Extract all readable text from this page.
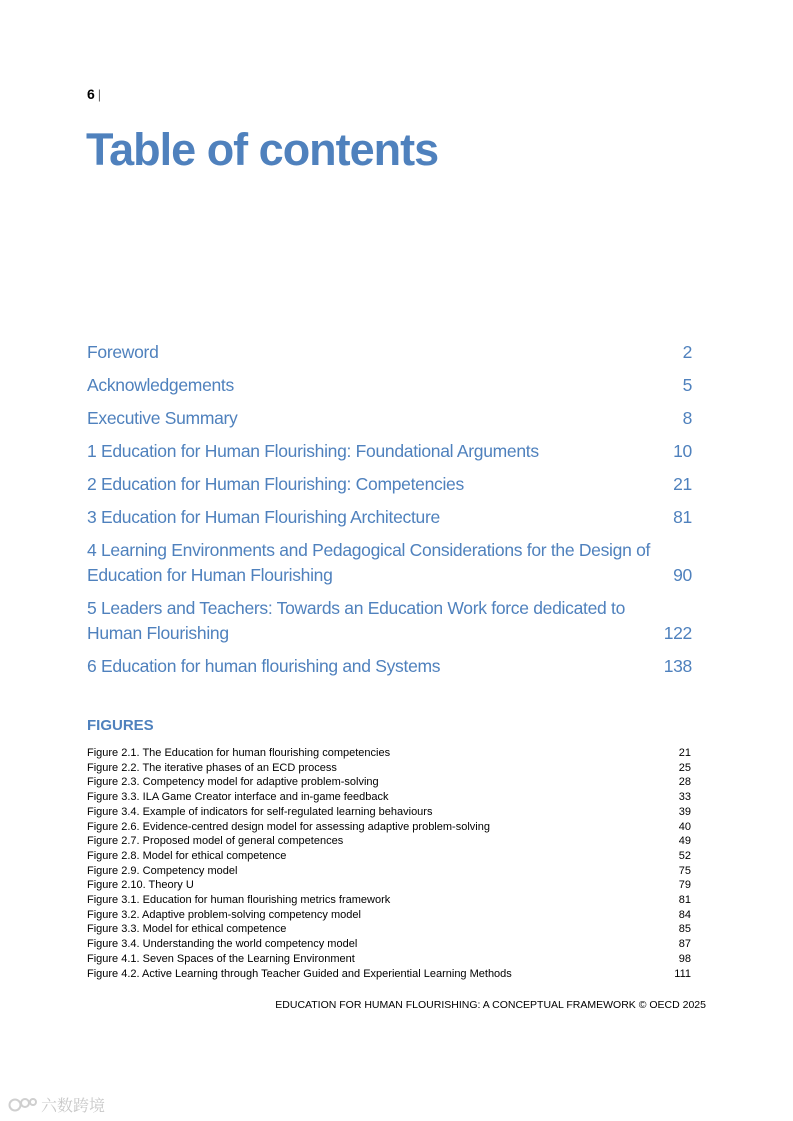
6 |
Table of contents
Foreword	2
Acknowledgements	5
Executive Summary	8
1 Education for Human Flourishing: Foundational Arguments	10
2 Education for Human Flourishing: Competencies	21
3 Education for Human Flourishing Architecture	81
4 Learning Environments and Pedagogical Considerations for the Design of Education for Human Flourishing	90
5 Leaders and Teachers: Towards an Education Work force dedicated to Human Flourishing	122
6 Education for human flourishing and Systems	138
FIGURES
Figure 2.1. The Education for human flourishing competencies	21
Figure 2.2. The iterative phases of an ECD process	25
Figure 2.3. Competency model for adaptive problem-solving	28
Figure 3.3. ILA Game Creator interface and in-game feedback	33
Figure 3.4. Example of indicators for self-regulated learning behaviours	39
Figure 2.6. Evidence-centred design model for assessing adaptive problem-solving	40
Figure 2.7. Proposed model of general competences	49
Figure 2.8. Model for ethical competence	52
Figure 2.9. Competency model	75
Figure 2.10. Theory U	79
Figure 3.1. Education for human flourishing metrics framework	81
Figure 3.2. Adaptive problem-solving competency model	84
Figure 3.3. Model for ethical competence	85
Figure 3.4. Understanding the world competency model	87
Figure 4.1. Seven Spaces of the Learning Environment	98
Figure 4.2. Active Learning through Teacher Guided and Experiential Learning Methods	111
EDUCATION FOR HUMAN FLOURISHING: A CONCEPTUAL FRAMEWORK © OECD 2025
六数跨境
